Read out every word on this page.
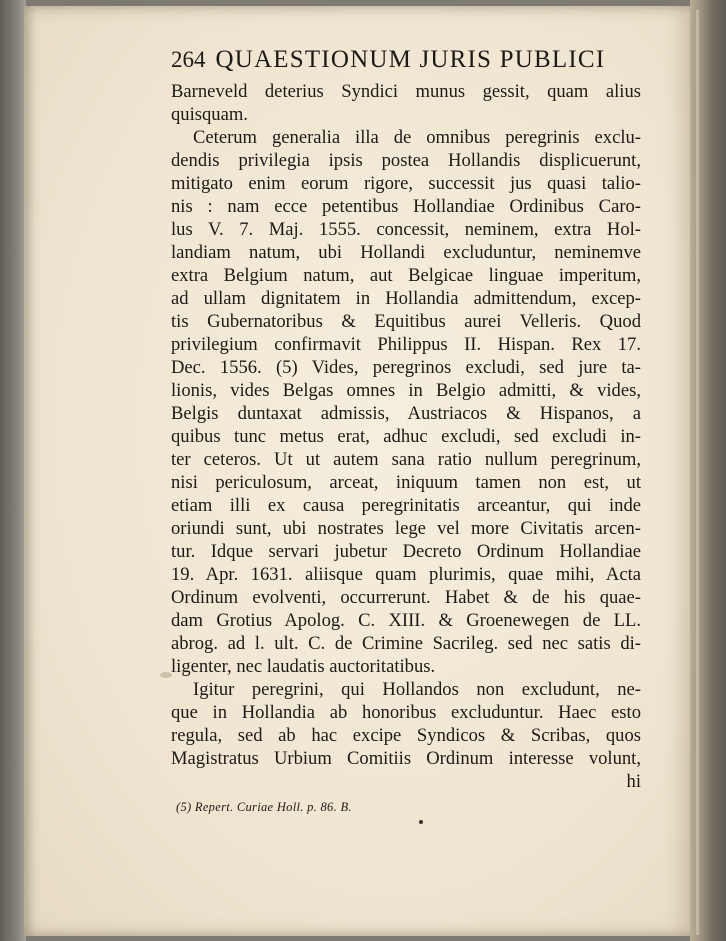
264 QUAESTIONUM JURIS PUBLICI
Barneveld deterius Syndici munus gessit, quam alius
quisquam.
Ceterum generalia illa de omnibus peregrinis exclu-
dendis privilegia ipsis postea Hollandis displicuerunt,
mitigato enim eorum rigore, successit jus quasi talio-
nis : nam ecce petentibus Hollandiae Ordinibus Caro-
lus V. 7. Maj. 1555. concessit, neminem, extra Hol-
landiam natum, ubi Hollandi excluduntur, neminemve
extra Belgium natum, aut Belgicae linguae imperitum,
ad ullam dignitatem in Hollandia admittendum, excep-
tis Gubernatoribus & Equitibus aurei Velleris. Quod
privilegium confirmavit Philippus II. Hispan. Rex 17.
Dec. 1556. (5) Vides, peregrinos excludi, sed jure ta-
lionis, vides Belgas omnes in Belgio admitti, & vides,
Belgis duntaxat admissis, Austriacos & Hispanos, a
quibus tunc metus erat, adhuc excludi, sed excludi in-
ter ceteros. Ut ut autem sana ratio nullum peregrinum,
nisi periculosum, arceat, iniquum tamen non est, ut
etiam illi ex causa peregrinitatis arceantur, qui inde
oriundi sunt, ubi nostrates lege vel more Civitatis arcen-
tur. Idque servari jubetur Decreto Ordinum Hollandiae
19. Apr. 1631. aliisque quam plurimis, quae mihi, Acta
Ordinum evolventi, occurrerunt. Habet & de his quae-
dam Grotius Apolog. C. XIII. & Groenewegen de LL.
abrog. ad l. ult. C. de Crimine Sacrileg. sed nec satis di-
ligenter, nec laudatis auctoritatibus.
Igitur peregrini, qui Hollandos non excludunt, ne-
que in Hollandia ab honoribus excluduntur. Haec esto
regula, sed ab hac excipe Syndicos & Scribas, quos
Magistratus Urbium Comitiis Ordinum interesse volunt,
hi
(5) Repert. Curiae Holl. p. 86. B.
